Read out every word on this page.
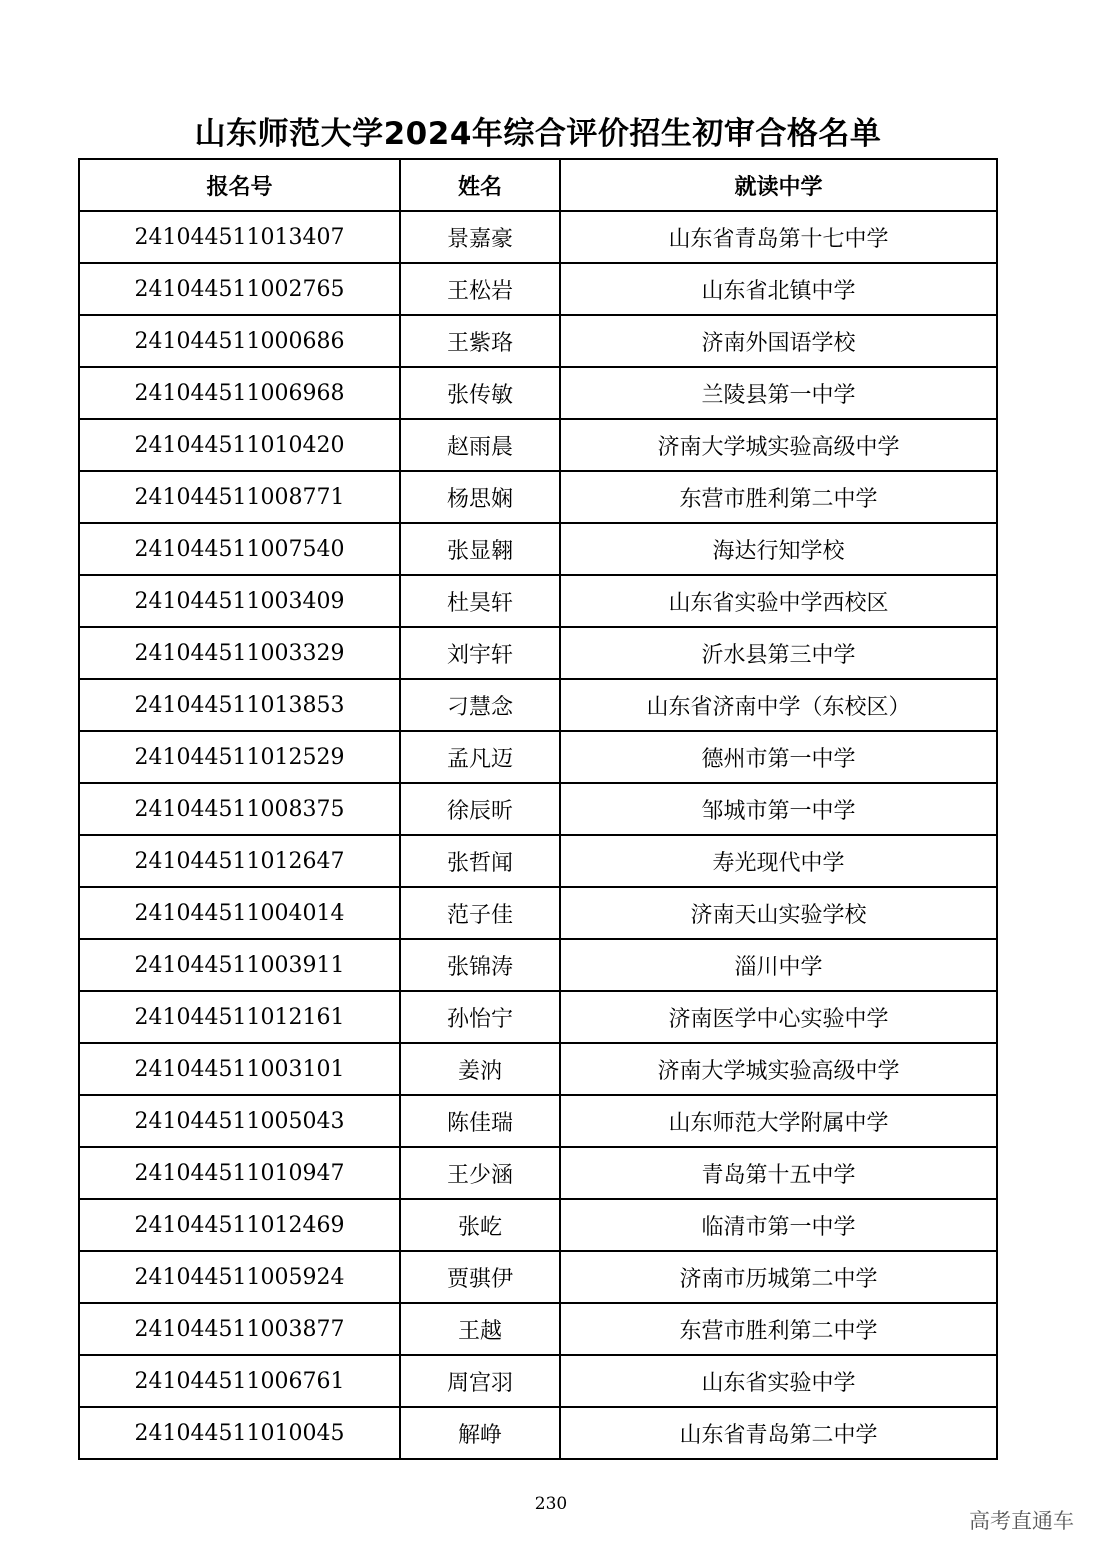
山东师范大学2024年综合评价招生初审合格名单
报名号	姓名	就读中学
241044511013407	景嘉豪	山东省青岛第十七中学
241044511002765	王松岩	山东省北镇中学
241044511000686	王紫珞	济南外国语学校
241044511006968	张传敏	兰陵县第一中学
241044511010420	赵雨晨	济南大学城实验高级中学
241044511008771	杨思娴	东营市胜利第二中学
241044511007540	张显翱	海达行知学校
241044511003409	杜昊轩	山东省实验中学西校区
241044511003329	刘宇轩	沂水县第三中学
241044511013853	刁慧念	山东省济南中学（东校区）
241044511012529	孟凡迈	德州市第一中学
241044511008375	徐辰昕	邹城市第一中学
241044511012647	张哲闻	寿光现代中学
241044511004014	范子佳	济南天山实验学校
241044511003911	张锦涛	淄川中学
241044511012161	孙怡宁	济南医学中心实验中学
241044511003101	姜汭	济南大学城实验高级中学
241044511005043	陈佳瑞	山东师范大学附属中学
241044511010947	王少涵	青岛第十五中学
241044511012469	张屹	临清市第一中学
241044511005924	贾骐伊	济南市历城第二中学
241044511003877	王越	东营市胜利第二中学
241044511006761	周宫羽	山东省实验中学
241044511010045	解峥	山东省青岛第二中学
230
高考直通车
